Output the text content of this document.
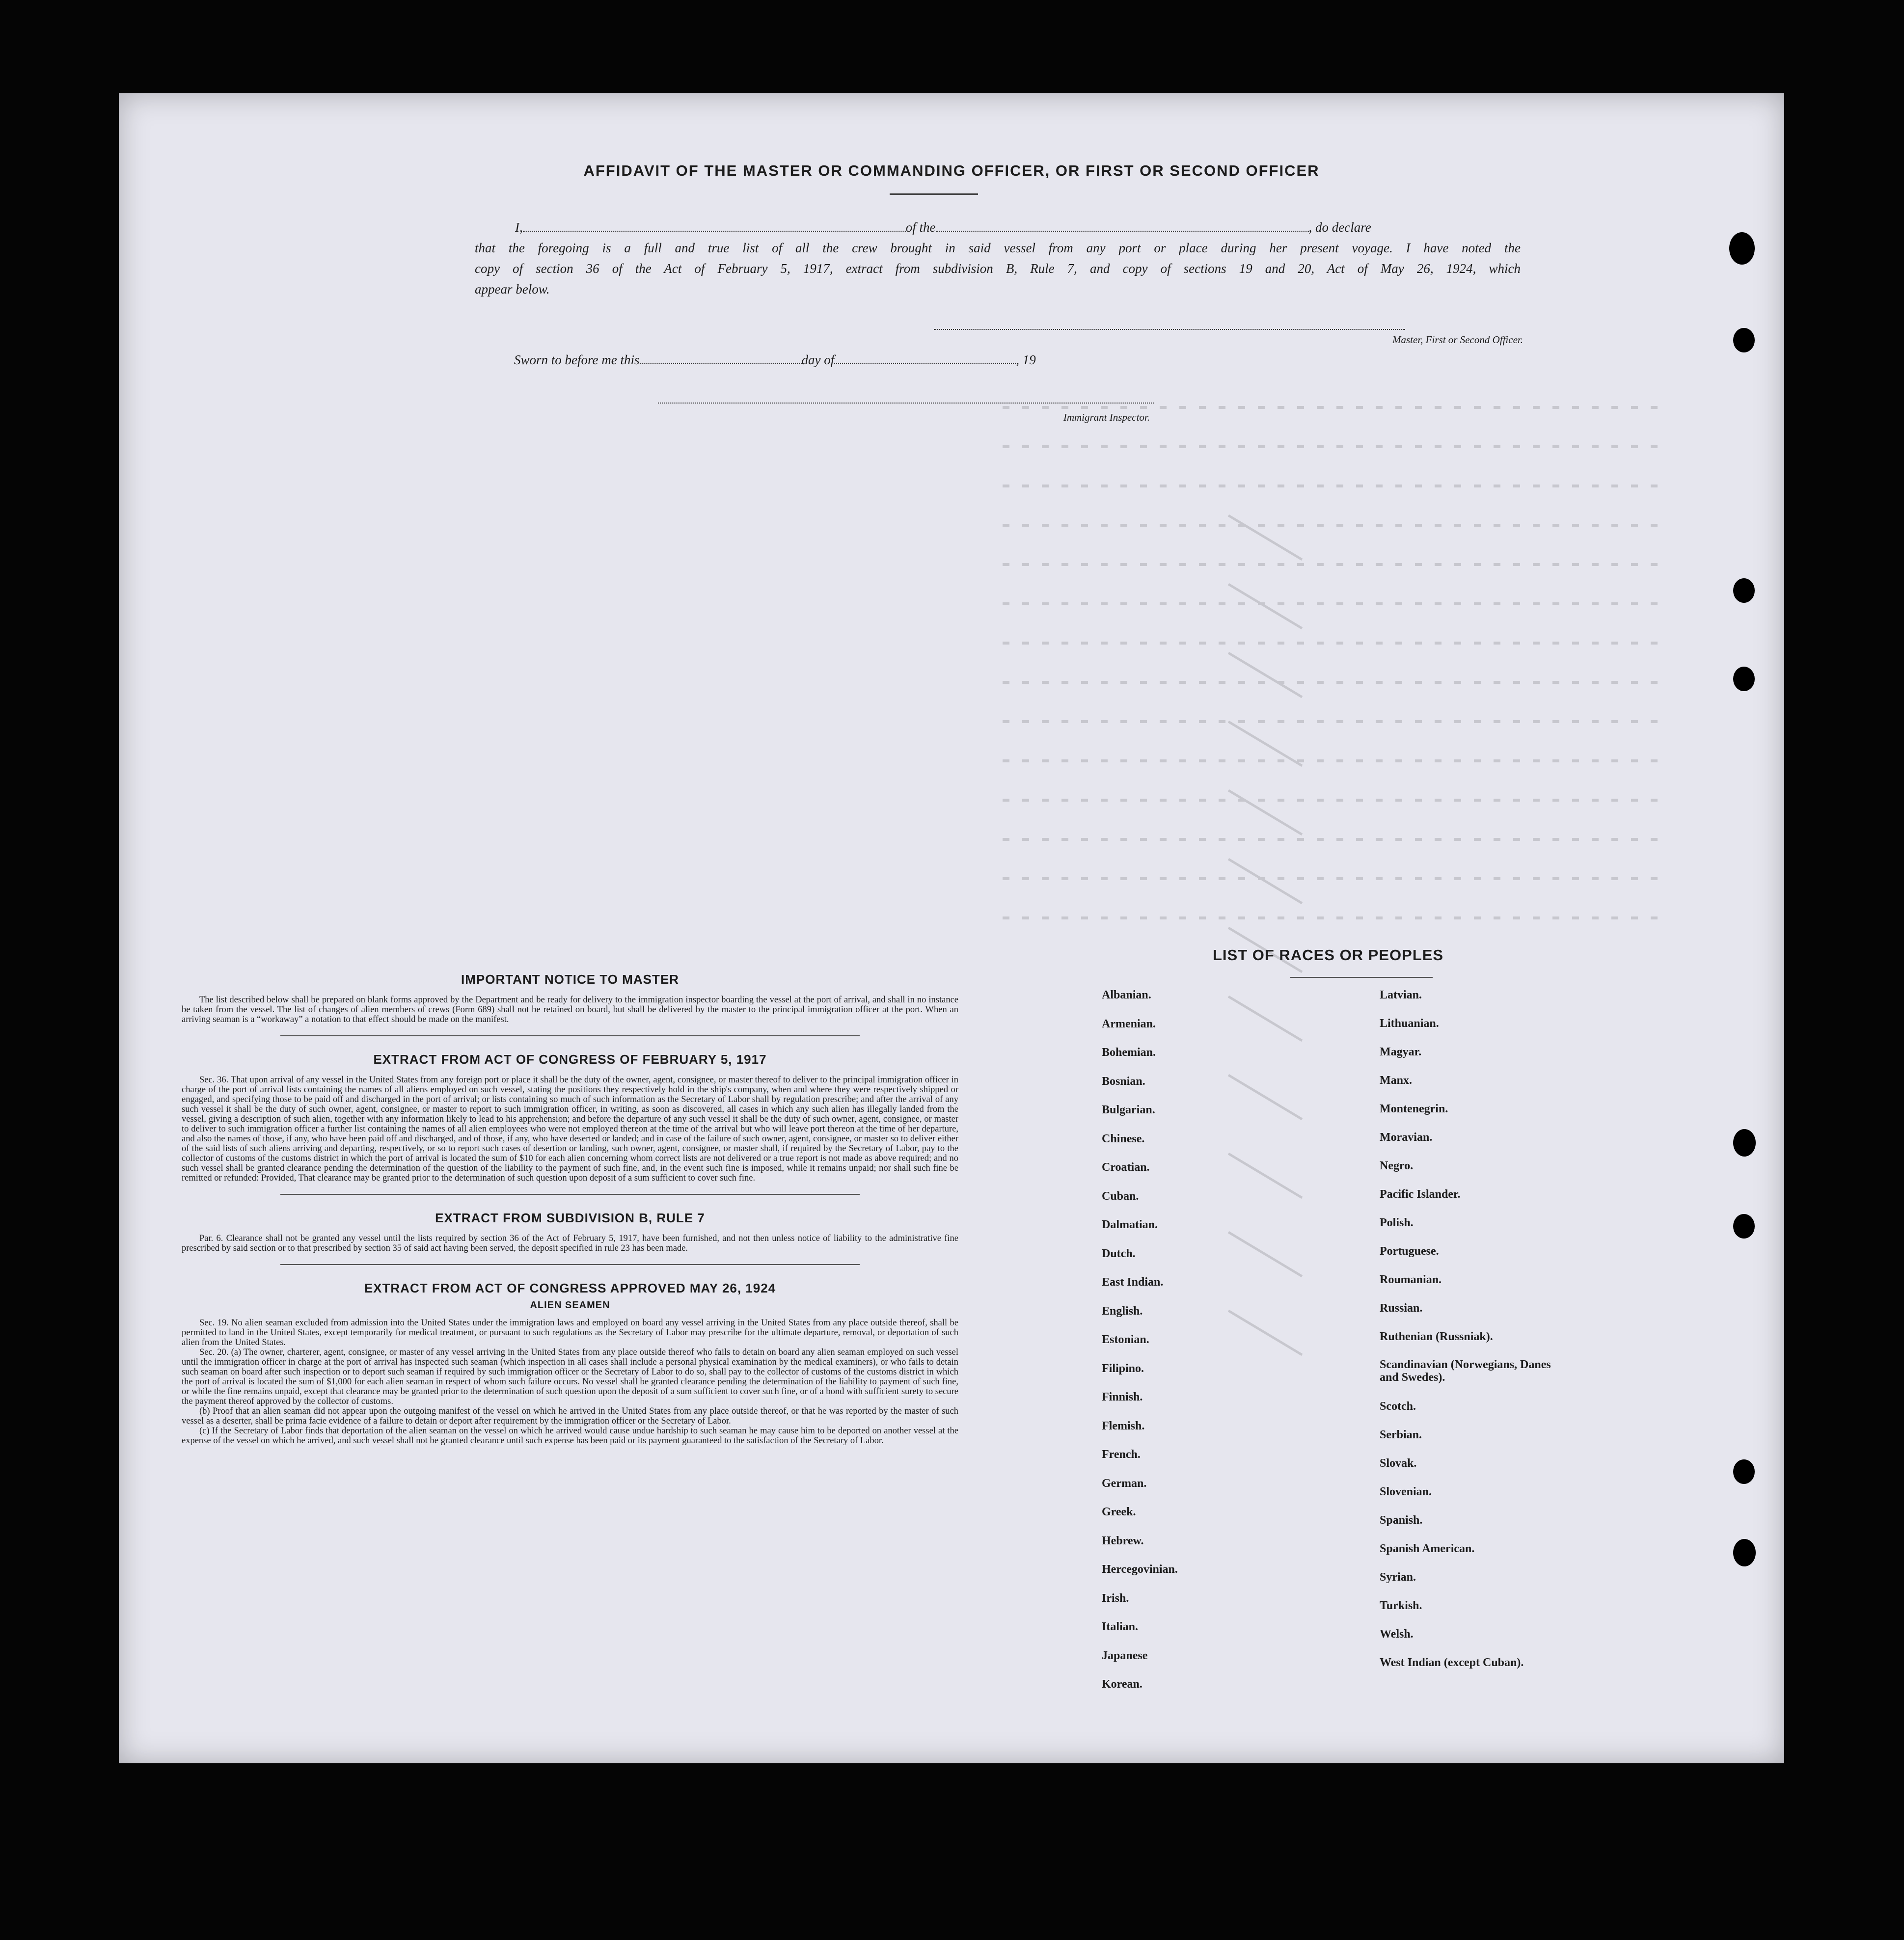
AFFIDAVIT OF THE MASTER OR COMMANDING OFFICER, OR FIRST OR SECOND OFFICER
I,	of the	, do declare
that the foregoing is a full and true list of all the crew brought in said vessel from any port or place during her present voyage. I have noted the
copy of section 36 of the Act of February 5, 1917, extract from subdivision B, Rule 7, and copy of sections 19 and 20, Act of May 26, 1924, which
appear below.
Master, First or Second Officer.
Sworn to before me this	day of	, 19
Immigrant Inspector.
IMPORTANT NOTICE TO MASTER
The list described below shall be prepared on blank forms approved by the Department and be ready for delivery to the immigration inspector boarding the vessel at the port of arrival, and shall in no instance be taken from the vessel. The list of changes of alien members of crews (Form 689) shall not be retained on board, but shall be delivered by the master to the principal immigration officer at the port. When an arriving seaman is a “workaway” a notation to that effect should be made on the manifest.
EXTRACT FROM ACT OF CONGRESS OF FEBRUARY 5, 1917
Sec. 36. That upon arrival of any vessel in the United States from any foreign port or place it shall be the duty of the owner, agent, consignee, or master thereof to deliver to the principal immigration officer in charge of the port of arrival lists containing the names of all aliens employed on such vessel, stating the positions they respectively hold in the ship's company, when and where they were respectively shipped or engaged, and specifying those to be paid off and discharged in the port of arrival; or lists containing so much of such information as the Secretary of Labor shall by regulation prescribe; and after the arrival of any such vessel it shall be the duty of such owner, agent, consignee, or master to report to such immigration officer, in writing, as soon as discovered, all cases in which any such alien has illegally landed from the vessel, giving a description of such alien, together with any information likely to lead to his apprehension; and before the departure of any such vessel it shall be the duty of such owner, agent, consignee, or master to deliver to such immigration officer a further list containing the names of all alien employees who were not employed thereon at the time of the arrival but who will leave port thereon at the time of her departure, and also the names of those, if any, who have been paid off and discharged, and of those, if any, who have deserted or landed; and in case of the failure of such owner, agent, consignee, or master so to deliver either of the said lists of such aliens arriving and departing, respectively, or so to report such cases of desertion or landing, such owner, agent, consignee, or master shall, if required by the Secretary of Labor, pay to the collector of customs of the customs district in which the port of arrival is located the sum of $10 for each alien concerning whom correct lists are not delivered or a true report is not made as above required; and no such vessel shall be granted clearance pending the determination of the question of the liability to the payment of such fine, and, in the event such fine is imposed, while it remains unpaid; nor shall such fine be remitted or refunded: Provided, That clearance may be granted prior to the determination of such question upon deposit of a sum sufficient to cover such fine.
EXTRACT FROM SUBDIVISION B, RULE 7
Par. 6. Clearance shall not be granted any vessel until the lists required by section 36 of the Act of February 5, 1917, have been furnished, and not then unless notice of liability to the administrative fine prescribed by said section or to that prescribed by section 35 of said act having been served, the deposit specified in rule 23 has been made.
EXTRACT FROM ACT OF CONGRESS APPROVED MAY 26, 1924
ALIEN SEAMEN
Sec. 19. No alien seaman excluded from admission into the United States under the immigration laws and employed on board any vessel arriving in the United States from any place outside thereof, shall be permitted to land in the United States, except temporarily for medical treatment, or pursuant to such regulations as the Secretary of Labor may prescribe for the ultimate departure, removal, or deportation of such alien from the United States.
Sec. 20. (a) The owner, charterer, agent, consignee, or master of any vessel arriving in the United States from any place outside thereof who fails to detain on board any alien seaman employed on such vessel until the immigration officer in charge at the port of arrival has inspected such seaman (which inspection in all cases shall include a personal physical examination by the medical examiners), or who fails to detain such seaman on board after such inspection or to deport such seaman if required by such immigration officer or the Secretary of Labor to do so, shall pay to the collector of customs of the customs district in which the port of arrival is located the sum of $1,000 for each alien seaman in respect of whom such failure occurs. No vessel shall be granted clearance pending the determination of the liability to payment of such fine, or while the fine remains unpaid, except that clearance may be granted prior to the determination of such question upon the deposit of a sum sufficient to cover such fine, or of a bond with sufficient surety to secure the payment thereof approved by the collector of customs.
(b) Proof that an alien seaman did not appear upon the outgoing manifest of the vessel on which he arrived in the United States from any place outside thereof, or that he was reported by the master of such vessel as a deserter, shall be prima facie evidence of a failure to detain or deport after requirement by the immigration officer or the Secretary of Labor.
(c) If the Secretary of Labor finds that deportation of the alien seaman on the vessel on which he arrived would cause undue hardship to such seaman he may cause him to be deported on another vessel at the expense of the vessel on which he arrived, and such vessel shall not be granted clearance until such expense has been paid or its payment guaranteed to the satisfaction of the Secretary of Labor.
LIST OF RACES OR PEOPLES
Albanian.
Armenian.
Bohemian.
Bosnian.
Bulgarian.
Chinese.
Croatian.
Cuban.
Dalmatian.
Dutch.
East Indian.
English.
Estonian.
Filipino.
Finnish.
Flemish.
French.
German.
Greek.
Hebrew.
Hercegovinian.
Irish.
Italian.
Japanese
Korean.
Latvian.
Lithuanian.
Magyar.
Manx.
Montenegrin.
Moravian.
Negro.
Pacific Islander.
Polish.
Portuguese.
Roumanian.
Russian.
Ruthenian (Russniak).
Scandinavian (Norwegians, Danes and Swedes).
Scotch.
Serbian.
Slovak.
Slovenian.
Spanish.
Spanish American.
Syrian.
Turkish.
Welsh.
West Indian (except Cuban).
